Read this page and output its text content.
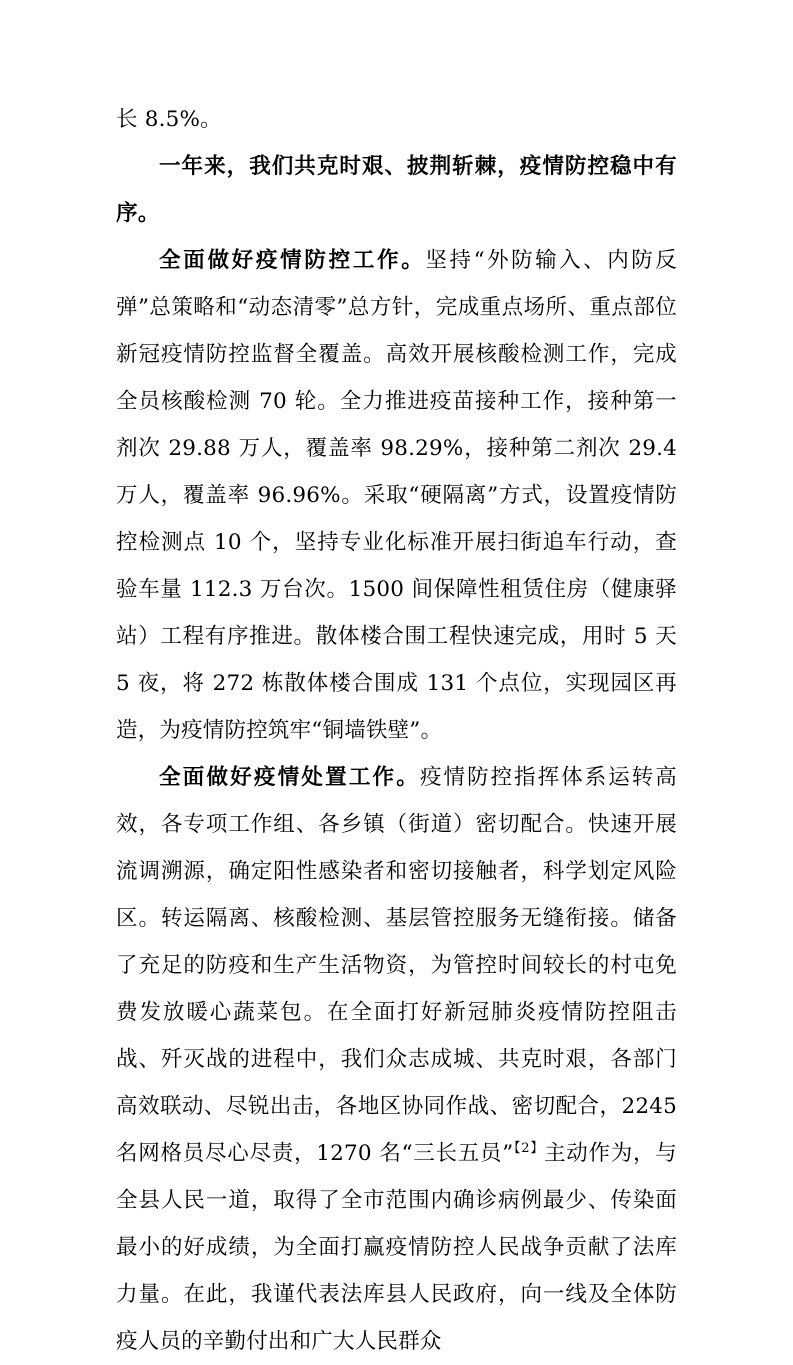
长 8.5%。

一年来，我们共克时艰、披荆斩棘，疫情防控稳中有序。

全面做好疫情防控工作。坚持“外防输入、内防反弹”总策略和“动态清零”总方针，完成重点场所、重点部位新冠疫情防控监督全覆盖。高效开展核酸检测工作，完成全员核酸检测 70 轮。全力推进疫苗接种工作，接种第一剂次 29.88 万人，覆盖率 98.29%，接种第二剂次 29.4 万人，覆盖率 96.96%。采取“硬隔离”方式，设置疫情防控检测点 10 个，坚持专业化标准开展扫街追车行动，查验车量 112.3 万台次。1500 间保障性租赁住房（健康驿站）工程有序推进。散体楼合围工程快速完成，用时 5 天 5 夜，将 272 栋散体楼合围成 131 个点位，实现园区再造，为疫情防控筑牢“铜墙铁壁”。

全面做好疫情处置工作。疫情防控指挥体系运转高效，各专项工作组、各乡镇（街道）密切配合。快速开展流调溯源，确定阳性感染者和密切接触者，科学划定风险区。转运隔离、核酸检测、基层管控服务无缝衔接。储备了充足的防疫和生产生活物资，为管控时间较长的村屯免费发放暖心蔬菜包。在全面打好新冠肺炎疫情防控阻击战、歼灭战的进程中，我们众志成城、共克时艰，各部门高效联动、尽锐出击，各地区协同作战、密切配合，2245 名网格员尽心尽责，1270 名“三长五员”$^{【2】}$主动作为，与全县人民一道，取得了全市范围内确诊病例最少、传染面最小的好成绩，为全面打赢疫情防控人民战争贡献了法库力量。在此，我谨代表法库县人民政府，向一线及全体防疫人员的辛勤付出和广大人民群众
